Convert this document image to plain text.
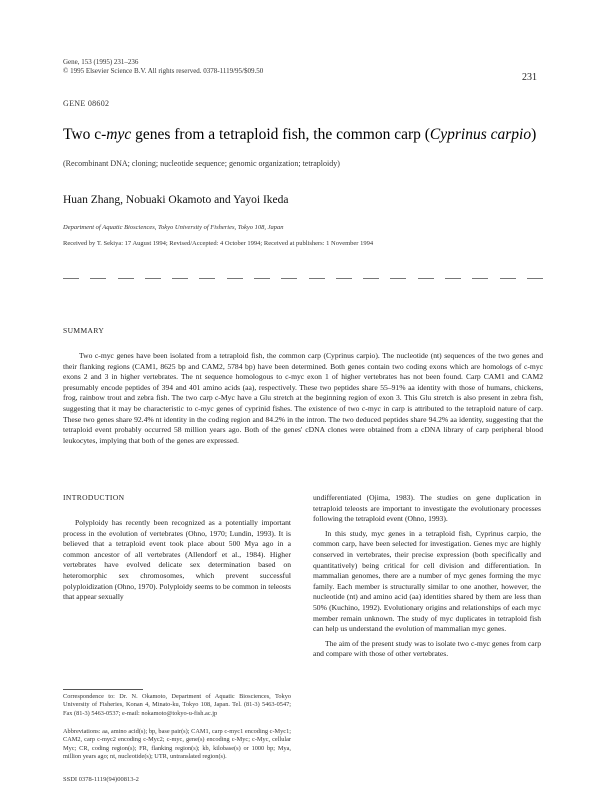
Gene, 153 (1995) 231–236
© 1995 Elsevier Science B.V. All rights reserved. 0378-1119/95/$09.50
231
GENE 08602
Two c-myc genes from a tetraploid fish, the common carp (Cyprinus carpio)
(Recombinant DNA; cloning; nucleotide sequence; genomic organization; tetraploidy)
Huan Zhang, Nobuaki Okamoto and Yayoi Ikeda
Department of Aquatic Biosciences, Tokyo University of Fisheries, Tokyo 108, Japan
Received by T. Sekiya: 17 August 1994; Revised/Accepted: 4 October 1994; Received at publishers: 1 November 1994
SUMMARY
Two c-myc genes have been isolated from a tetraploid fish, the common carp (Cyprinus carpio). The nucleotide (nt) sequences of the two genes and their flanking regions (CAM1, 8625 bp and CAM2, 5784 bp) have been determined. Both genes contain two coding exons which are homologs of c-myc exons 2 and 3 in higher vertebrates. The nt sequence homologous to c-myc exon 1 of higher vertebrates has not been found. Carp CAM1 and CAM2 presumably encode peptides of 394 and 401 amino acids (aa), respectively. These two peptides share 55–91% aa identity with those of humans, chickens, frog, rainbow trout and zebra fish. The two carp c-Myc have a Glu stretch at the beginning region of exon 3. This Glu stretch is also present in zebra fish, suggesting that it may be characteristic to c-myc genes of cyprinid fishes. The existence of two c-myc in carp is attributed to the tetraploid nature of carp. These two genes share 92.4% nt identity in the coding region and 84.2% in the intron. The two deduced peptides share 94.2% aa identity, suggesting that the tetraploid event probably occurred 58 million years ago. Both of the genes' cDNA clones were obtained from a cDNA library of carp peripheral blood leukocytes, implying that both of the genes are expressed.
INTRODUCTION
Polyploidy has recently been recognized as a potentially important process in the evolution of vertebrates (Ohno, 1970; Lundin, 1993). It is believed that a tetraploid event took place about 500 Mya ago in a common ancestor of all vertebrates (Allendorf et al., 1984). Higher vertebrates have evolved delicate sex determination based on heteromorphic sex chromosomes, which prevent successful polyploidization (Ohno, 1970). Polyploidy seems to be common in teleosts that appear sexually

undifferentiated (Ojima, 1983). The studies on gene duplication in tetraploid teleosts are important to investigate the evolutionary processes following the tetraploid event (Ohno, 1993).

In this study, myc genes in a tetraploid fish, Cyprinus carpio, the common carp, have been selected for investigation. Genes myc are highly conserved in vertebrates, their precise expression (both specifically and quantitatively) being critical for cell division and differentiation. In mammalian genomes, there are a number of myc genes forming the myc family. Each member is structurally similar to one another, however, the nucleotide (nt) and amino acid (aa) identities shared by them are less than 50% (Kuchino, 1992). Evolutionary origins and relationships of each myc member remain unknown. The study of myc duplicates in tetraploid fish can help us understand the evolution of mammalian myc genes.

The aim of the present study was to isolate two c-myc genes from carp and compare with those of other vertebrates.

Correspondence to: Dr. N. Okamoto, Department of Aquatic Biosciences, Tokyo University of Fisheries, Konan 4, Minato-ku, Tokyo 108, Japan. Tel. (81-3) 5463-0547; Fax (81-3) 5463-0537; e-mail: nokamoto@tokyo-u-fish.ac.jp
Abbreviations: aa, amino acid(s); bp, base pair(s); CAM1, carp c-myc1 encoding c-Myc1; CAM2, carp c-myc2 encoding c-Myc2; c-myc, gene(s) encoding c-Myc; c-Myc, cellular Myc; CR, coding region(s); FR, flanking region(s); kb, kilobase(s) or 1000 bp; Mya, million years ago; nt, nucleotide(s); UTR, untranslated region(s).
SSDI 0378-1119(94)00813-2
